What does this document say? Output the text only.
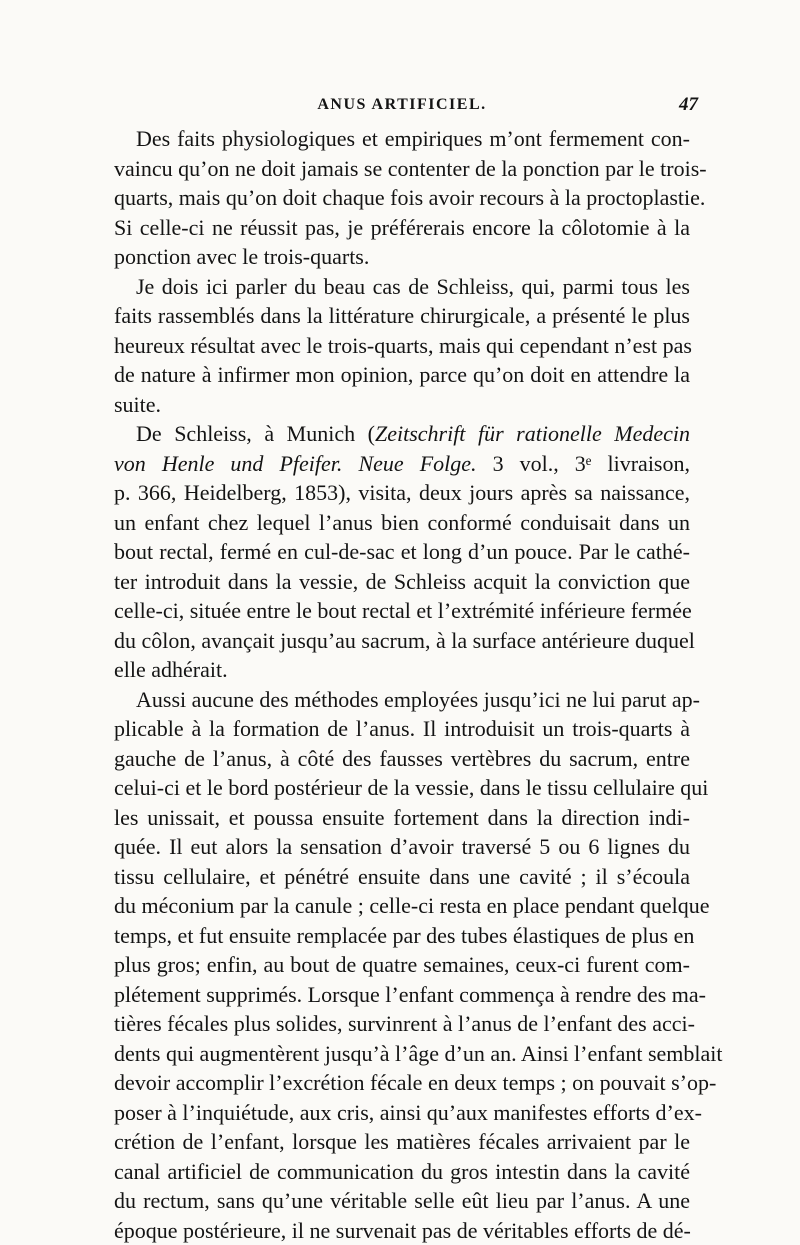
ANUS ARTIFICIEL.	47

Des faits physiologiques et empiriques m’ont fermement con-
vaincu qu’on ne doit jamais se contenter de la ponction par le trois-
quarts, mais qu’on doit chaque fois avoir recours à la proctoplastie.
Si celle-ci ne réussit pas, je préférerais encore la côlotomie à la
ponction avec le trois-quarts.

Je dois ici parler du beau cas de Schleiss, qui, parmi tous les
faits rassemblés dans la littérature chirurgicale, a présenté le plus
heureux résultat avec le trois-quarts, mais qui cependant n’est pas
de nature à infirmer mon opinion, parce qu’on doit en attendre la
suite.

De Schleiss, à Munich (Zeitschrift für rationelle Medecin
von Henle und Pfeifer. Neue Folge. 3 vol., 3ᵉ livraison,
p. 366, Heidelberg, 1853), visita, deux jours après sa naissance,
un enfant chez lequel l’anus bien conformé conduisait dans un
bout rectal, fermé en cul-de-sac et long d’un pouce. Par le cathé-
ter introduit dans la vessie, de Schleiss acquit la conviction que
celle-ci, située entre le bout rectal et l’extrémité inférieure fermée
du côlon, avançait jusqu’au sacrum, à la surface antérieure duquel
elle adhérait.

Aussi aucune des méthodes employées jusqu’ici ne lui parut ap-
plicable à la formation de l’anus. Il introduisit un trois-quarts à
gauche de l’anus, à côté des fausses vertèbres du sacrum, entre
celui-ci et le bord postérieur de la vessie, dans le tissu cellulaire qui
les unissait, et poussa ensuite fortement dans la direction indi-
quée. Il eut alors la sensation d’avoir traversé 5 ou 6 lignes du
tissu cellulaire, et pénétré ensuite dans une cavité ; il s’écoula
du méconium par la canule ; celle-ci resta en place pendant quelque
temps, et fut ensuite remplacée par des tubes élastiques de plus en
plus gros; enfin, au bout de quatre semaines, ceux-ci furent com-
plétement supprimés. Lorsque l’enfant commença à rendre des ma-
tières fécales plus solides, survinrent à l’anus de l’enfant des acci-
dents qui augmentèrent jusqu’à l’âge d’un an. Ainsi l’enfant semblait
devoir accomplir l’excrétion fécale en deux temps ; on pouvait s’op-
poser à l’inquiétude, aux cris, ainsi qu’aux manifestes efforts d’ex-
crétion de l’enfant, lorsque les matières fécales arrivaient par le
canal artificiel de communication du gros intestin dans la cavité
du rectum, sans qu’une véritable selle eût lieu par l’anus. A une
époque postérieure, il ne survenait pas de véritables efforts de dé-
